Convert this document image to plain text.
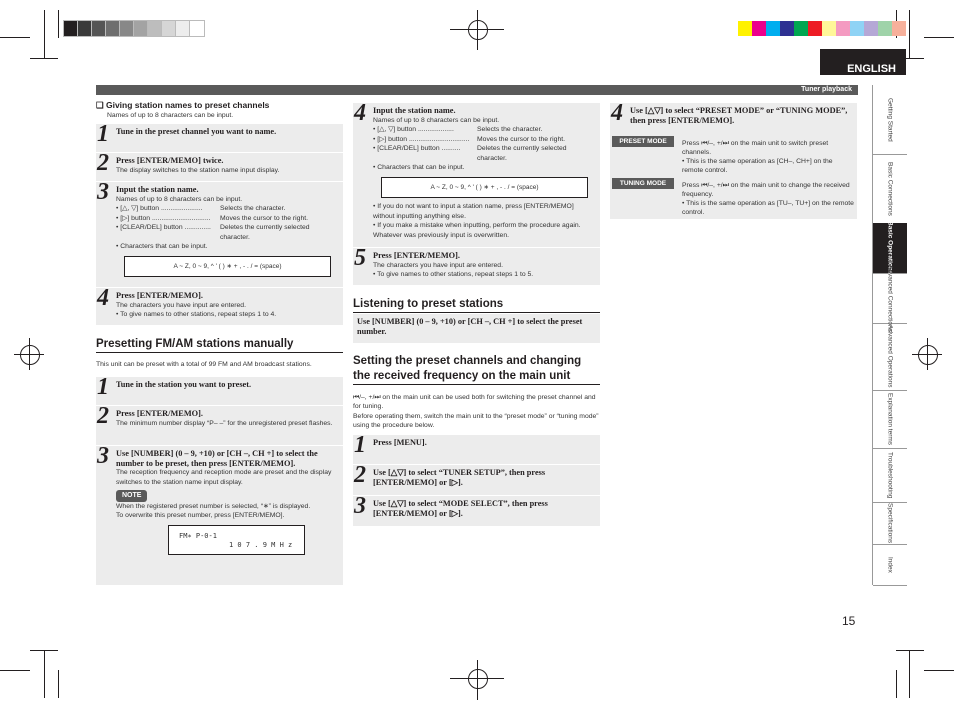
ENGLISH
Tuner playback
Getting Started
Basic Connections
Basic Operations
Advanced Connections
Advanced Operations
Explanation terms
Troubleshooting
Specifications
Index
15
❑ Giving station names to preset channels
Names of up to 8 characters can be input.
1 Tune in the preset channel you want to name.
2 Press [ENTER/MEMO] twice.
The display switches to the station name input display.
3 Input the station name.
Names of up to 8 characters can be input.
• [△, ▽] button ......................	Selects the character.
• [▷] button ...............................	Moves the cursor to the right.
• [CLEAR/DEL] button ..............	Deletes the currently selected character.
• Characters that can be input.
A ~ Z, 0 ~ 9, ^ ' ( ) ∗ + , - . / = (space)
4 Press [ENTER/MEMO].
The characters you have input are entered.
• To give names to other stations, repeat steps 1 to 4.
Presetting FM/AM stations manually
This unit can be preset with a total of 99 FM and AM broadcast stations.
1 Tune in the station you want to preset.
2 Press [ENTER/MEMO].
The minimum number display “P– –” for the unregistered preset flashes.
3 Use [NUMBER] (0 – 9, +10) or [CH –, CH +] to select the number to be preset, then press [ENTER/MEMO].
The reception frequency and reception mode are preset and the display switches to the station name input display.
NOTE
When the registered preset number is selected, “∗” is displayed.
To overwrite this preset number, press [ENTER/MEMO].
FM∗ P-0-1
1 0 7 . 9 M H z
4 Input the station name.
Names of up to 8 characters can be input.
• [△, ▽] button ...................	Selects the character.
• [▷] button ................................	Moves the cursor to the right.
• [CLEAR/DEL] button ..........	Deletes the currently selected character.
• Characters that can be input.
A ~ Z, 0 ~ 9, ^ ' ( ) ∗ + , - . / = (space)
• If you do not want to input a station name, press [ENTER/MEMO] without inputting anything else.
• If you make a mistake when inputting, perform the procedure again. Whatever was previously input is overwritten.
5 Press [ENTER/MEMO].
The characters you have input are entered.
• To give names to other stations, repeat steps 1 to 5.
Listening to preset stations
Use [NUMBER] (0 – 9, +10) or [CH –, CH +] to select the preset number.
Setting the preset channels and changing the received frequency on the main unit
⏮/–, +/⏭ on the main unit can be used both for switching the preset channel and for tuning.
Before operating them, switch the main unit to the “preset mode” or “tuning mode” using the procedure below.
1 Press [MENU].
2 Use [△▽] to select “TUNER SETUP”, then press [ENTER/MEMO] or [▷].
3 Use [△▽] to select “MODE SELECT”, then press [ENTER/MEMO] or [▷].
4 Use [△▽] to select “PRESET MODE” or “TUNING MODE”, then press [ENTER/MEMO].
PRESET MODE	Press ⏮/–, +/⏭ on the main unit to switch preset channels.
• This is the same operation as [CH–, CH+] on the remote control.
TUNING MODE	Press ⏮/–, +/⏭ on the main unit to change the received frequency.
• This is the same operation as [TU–, TU+] on the remote control.
